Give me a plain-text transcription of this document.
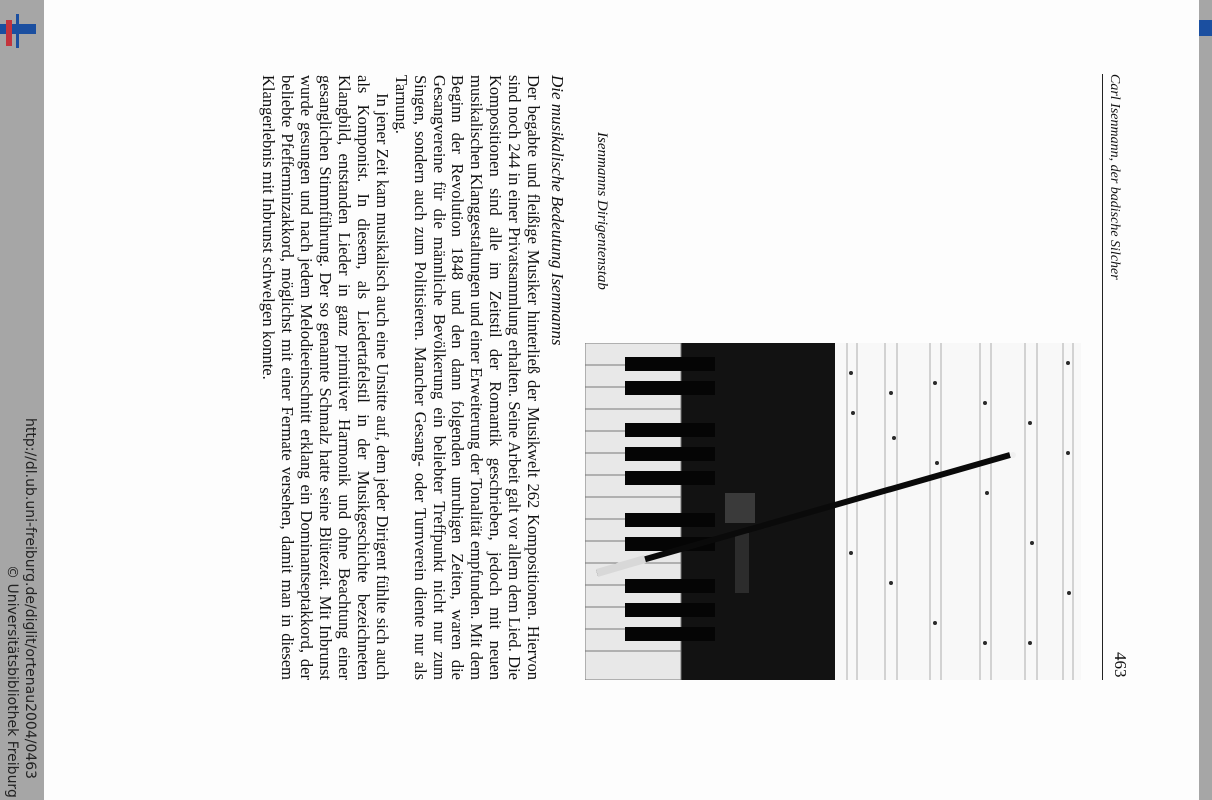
http://dl.ub.uni-freiburg.de/diglit/ortenau2004/0463
© Universitätsbibliothek Freiburg
Carl Isenmann, der badische Silcher
463
Isenmanns Dirigentenstab

Die musikalische Bedeutung Isenmanns

Der begabte und fleißige Musiker hinterließ der Musikwelt 262 Kompositionen. Hiervon sind noch 244 in einer Privatsammlung erhalten. Seine Arbeit galt vor allem dem Lied. Die Kompositionen sind alle im Zeitstil der Romantik geschrieben, jedoch mit neuen musikalischen Klanggestaltungen und einer Erweiterung der Tonalität empfunden. Mit dem Beginn der Revolution 1848 und den dann folgenden unruhigen Zeiten, waren die Gesangvereine für die männliche Bevölkerung ein beliebter Treffpunkt nicht nur zum Singen, sondern auch zum Politisieren. Mancher Gesang- oder Turnverein diente nur als Tarnung.

In jener Zeit kam musikalisch auch eine Unsitte auf, dem jeder Dirigent fühlte sich auch als Komponist. In diesem, als Liedertafelstil in der Musikgeschichte bezeichneten Klangbild, entstanden Lieder in ganz primitiver Harmonik und ohne Beachtung einer gesanglichen Stimmführung. Der so genannte Schmalz hatte seine Blütezeit. Mit Inbrunst wurde gesungen und nach jedem Melodieeinschnitt erklang ein Dominantseptakkord, der beliebte Pfefferminzakkord, möglichst mit einer Fermate versehen, damit man in diesem Klangerlebnis mit Inbrunst schwelgen konnte.
